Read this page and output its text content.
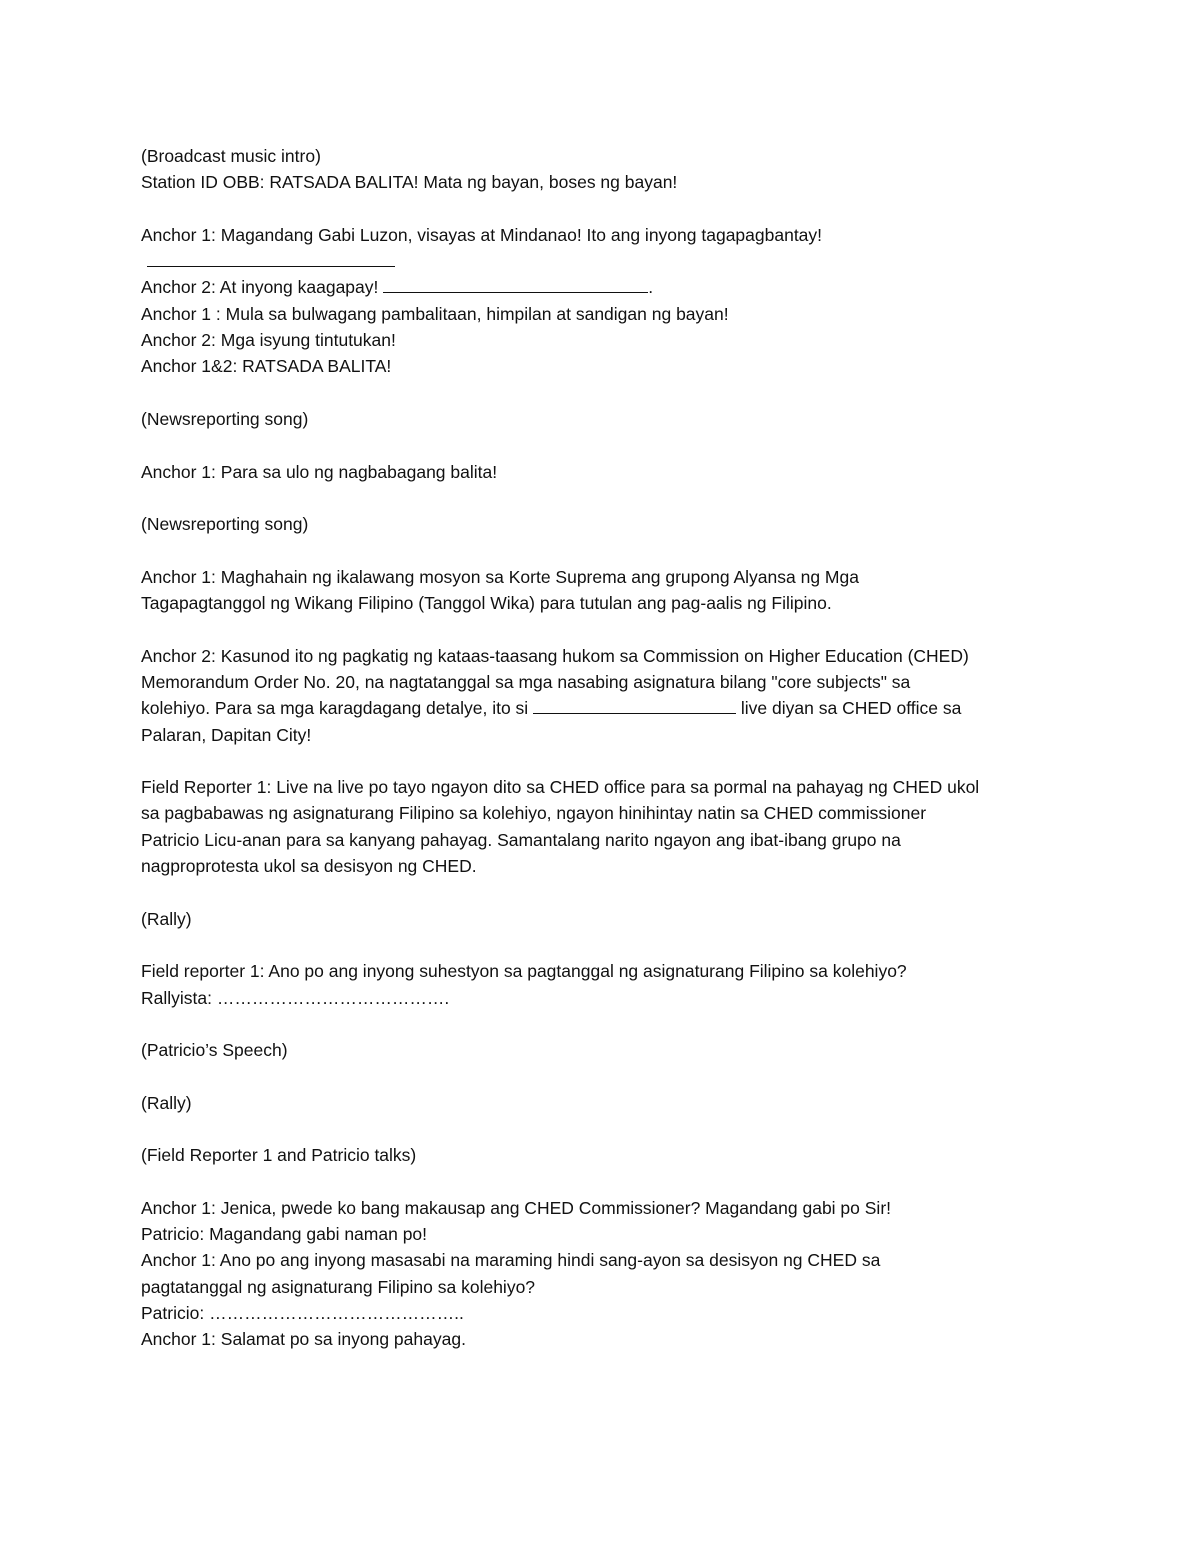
(Broadcast music intro)
Station ID OBB: RATSADA BALITA! Mata ng bayan, boses ng bayan!
Anchor 1: Magandang Gabi Luzon, visayas at Mindanao! Ito ang inyong tagapagbantay!
Anchor 2: At inyong kaagapay!	.
Anchor 1 : Mula sa bulwagang pambalitaan, himpilan at sandigan ng bayan!
Anchor 2: Mga isyung tintutukan!
Anchor 1&2: RATSADA BALITA!
(Newsreporting song)
Anchor 1: Para sa ulo ng nagbabagang balita!
(Newsreporting song)
Anchor 1: Maghahain ng ikalawang mosyon sa Korte Suprema ang grupong Alyansa ng Mga
Tagapagtanggol ng Wikang Filipino (Tanggol Wika) para tutulan ang pag-aalis ng Filipino.
Anchor 2: Kasunod ito ng pagkatig ng kataas-taasang hukom sa Commission on Higher Education (CHED)
Memorandum Order No. 20, na nagtatanggal sa mga nasabing asignatura bilang "core subjects" sa
kolehiyo. Para sa mga karagdagang detalye, ito si	live diyan sa CHED office sa
Palaran, Dapitan City!
Field Reporter 1: Live na live po tayo ngayon dito sa CHED office para sa pormal na pahayag ng CHED ukol
sa pagbabawas ng asignaturang Filipino sa kolehiyo, ngayon hinihintay natin sa CHED commissioner
Patricio Licu-anan para sa kanyang pahayag. Samantalang narito ngayon ang ibat-ibang grupo na
nagproprotesta ukol sa desisyon ng CHED.
(Rally)
Field reporter 1: Ano po ang inyong suhestyon sa pagtanggal ng asignaturang Filipino sa kolehiyo?
Rallyista: ………………………………….
(Patricio’s Speech)
(Rally)
(Field Reporter 1 and Patricio talks)
Anchor 1: Jenica, pwede ko bang makausap ang CHED Commissioner? Magandang gabi po Sir!
Patricio: Magandang gabi naman po!
Anchor 1: Ano po ang inyong masasabi na maraming hindi sang-ayon sa desisyon ng CHED sa
pagtatanggal ng asignaturang Filipino sa kolehiyo?
Patricio: ……………………………………..
Anchor 1: Salamat po sa inyong pahayag.
